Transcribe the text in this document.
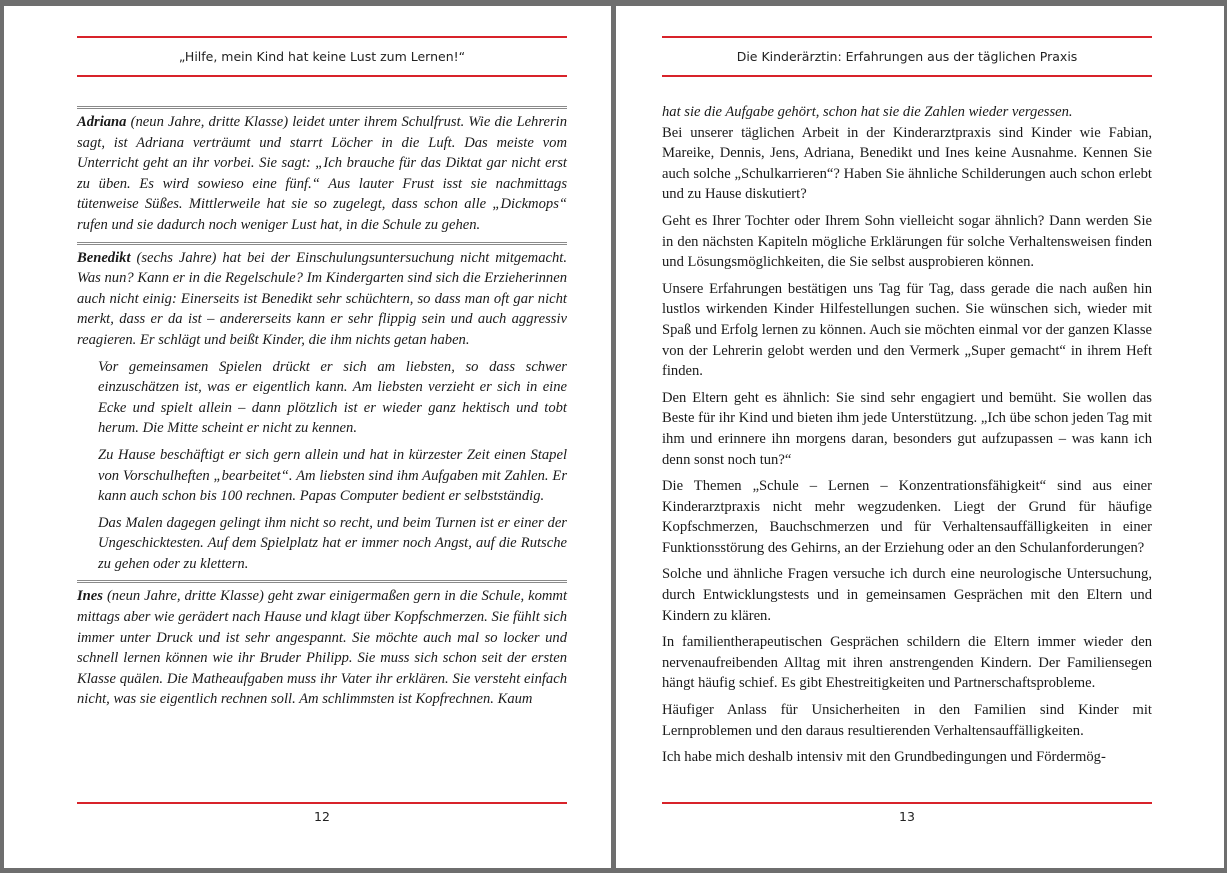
„Hilfe, mein Kind hat keine Lust zum Lernen!“

Adriana (neun Jahre, dritte Klasse) leidet unter ihrem Schulfrust. Wie die Lehrerin sagt, ist Adriana verträumt und starrt Löcher in die Luft. Das meiste vom Unterricht geht an ihr vorbei. Sie sagt: „Ich brauche für das Diktat gar nicht erst zu üben. Es wird sowieso eine fünf.“ Aus lauter Frust isst sie nachmittags tütenweise Süßes. Mittlerweile hat sie so zugelegt, dass schon alle „Dickmops“ rufen und sie dadurch noch weniger Lust hat, in die Schule zu gehen.

Benedikt (sechs Jahre) hat bei der Einschulungsuntersuchung nicht mitgemacht. Was nun? Kann er in die Regelschule? Im Kindergarten sind sich die Erzieherinnen auch nicht einig: Einerseits ist Benedikt sehr schüchtern, so dass man oft gar nicht merkt, dass er da ist – andererseits kann er sehr flippig sein und auch aggressiv reagieren. Er schlägt und beißt Kinder, die ihm nichts getan haben.

Vor gemeinsamen Spielen drückt er sich am liebsten, so dass schwer einzuschätzen ist, was er eigentlich kann. Am liebsten verzieht er sich in eine Ecke und spielt allein – dann plötzlich ist er wieder ganz hektisch und tobt herum. Die Mitte scheint er nicht zu kennen.

Zu Hause beschäftigt er sich gern allein und hat in kürzester Zeit einen Stapel von Vorschulheften „bearbeitet“. Am liebsten sind ihm Aufgaben mit Zahlen. Er kann auch schon bis 100 rechnen. Papas Computer bedient er selbstständig.

Das Malen dagegen gelingt ihm nicht so recht, und beim Turnen ist er einer der Ungeschicktesten. Auf dem Spielplatz hat er immer noch Angst, auf die Rutsche zu gehen oder zu klettern.

Ines (neun Jahre, dritte Klasse) geht zwar einigermaßen gern in die Schule, kommt mittags aber wie gerädert nach Hause und klagt über Kopfschmerzen. Sie fühlt sich immer unter Druck und ist sehr angespannt. Sie möchte auch mal so locker und schnell lernen können wie ihr Bruder Philipp. Sie muss sich schon seit der ersten Klasse quälen. Die Matheaufgaben muss ihr Vater ihr erklären. Sie versteht einfach nicht, was sie eigentlich rechnen soll. Am schlimmsten ist Kopfrechnen. Kaum

12
Die Kinderärztin: Erfahrungen aus der täglichen Praxis

hat sie die Aufgabe gehört, schon hat sie die Zahlen wieder vergessen.

Bei unserer täglichen Arbeit in der Kinderarztpraxis sind Kinder wie Fabian, Mareike, Dennis, Jens, Adriana, Benedikt und Ines keine Ausnahme. Kennen Sie auch solche „Schulkarrieren“? Haben Sie ähnliche Schilderungen auch schon erlebt und zu Hause diskutiert?

Geht es Ihrer Tochter oder Ihrem Sohn vielleicht sogar ähnlich? Dann werden Sie in den nächsten Kapiteln mögliche Erklärungen für solche Verhaltensweisen finden und Lösungsmöglichkeiten, die Sie selbst ausprobieren können.

Unsere Erfahrungen bestätigen uns Tag für Tag, dass gerade die nach außen hin lustlos wirkenden Kinder Hilfestellungen suchen. Sie wünschen sich, wieder mit Spaß und Erfolg lernen zu können. Auch sie möchten einmal vor der ganzen Klasse von der Lehrerin gelobt werden und den Vermerk „Super gemacht“ in ihrem Heft finden.

Den Eltern geht es ähnlich: Sie sind sehr engagiert und bemüht. Sie wollen das Beste für ihr Kind und bieten ihm jede Unterstützung. „Ich übe schon jeden Tag mit ihm und erinnere ihn morgens daran, besonders gut aufzupassen – was kann ich denn sonst noch tun?“

Die Themen „Schule – Lernen – Konzentrationsfähigkeit“ sind aus einer Kinderarztpraxis nicht mehr wegzudenken. Liegt der Grund für häufige Kopfschmerzen, Bauchschmerzen und für Verhaltensauffälligkeiten in einer Funktionsstörung des Gehirns, an der Erziehung oder an den Schulanforderungen?

Solche und ähnliche Fragen versuche ich durch eine neurologische Untersuchung, durch Entwicklungstests und in gemeinsamen Gesprächen mit den Eltern und Kindern zu klären.

In familientherapeutischen Gesprächen schildern die Eltern immer wieder den nervenaufreibenden Alltag mit ihren anstrengenden Kindern. Der Familiensegen hängt häufig schief. Es gibt Ehestreitigkeiten und Partnerschaftsprobleme.

Häufiger Anlass für Unsicherheiten in den Familien sind Kinder mit Lernproblemen und den daraus resultierenden Verhaltensauffälligkeiten.

Ich habe mich deshalb intensiv mit den Grundbedingungen und Fördermög-

13
